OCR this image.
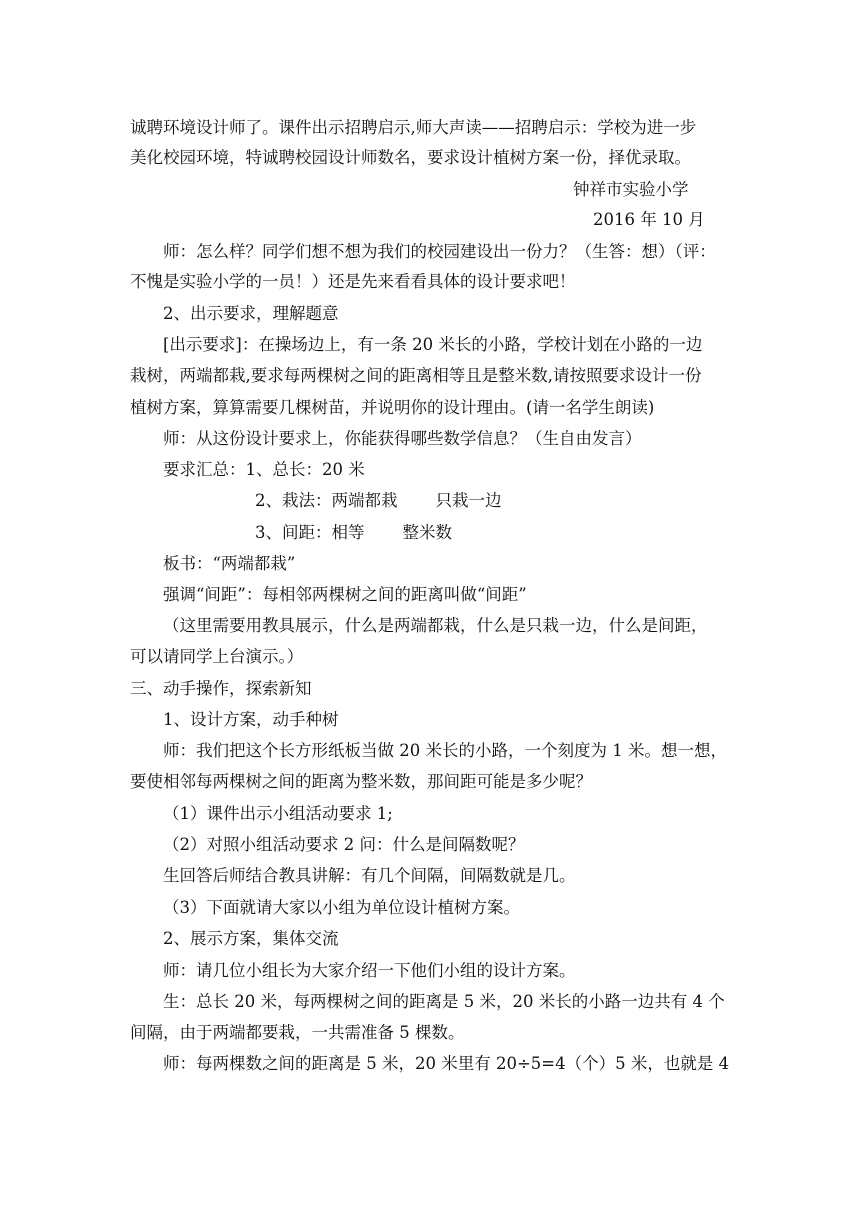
诚聘环境设计师了。课件出示招聘启示,师大声读——招聘启示：学校为进一步
美化校园环境，特诚聘校园设计师数名，要求设计植树方案一份，择优录取。
钟祥市实验小学
2016 年 10 月
师：怎么样？同学们想不想为我们的校园建设出一份力？（生答：想）（评：
不愧是实验小学的一员！）还是先来看看具体的设计要求吧！
2、出示要求，理解题意
[出示要求]：在操场边上，有一条 20 米长的小路，学校计划在小路的一边
栽树，两端都栽,要求每两棵树之间的距离相等且是整米数,请按照要求设计一份
植树方案，算算需要几棵树苗，并说明你的设计理由。(请一名学生朗读)
师：从这份设计要求上，你能获得哪些数学信息？（生自由发言）
要求汇总：1、总长：20 米
2、栽法：两端都栽 只栽一边
3、间距：相等 整米数
板书：“两端都栽”
强调“间距”：每相邻两棵树之间的距离叫做“间距”
（这里需要用教具展示，什么是两端都栽，什么是只栽一边，什么是间距，
可以请同学上台演示。）
三、动手操作，探索新知
1、设计方案，动手种树
师：我们把这个长方形纸板当做 20 米长的小路，一个刻度为 1 米。想一想，
要使相邻每两棵树之间的距离为整米数，那间距可能是多少呢？
（1）课件出示小组活动要求 1;
（2）对照小组活动要求 2 问：什么是间隔数呢？
生回答后师结合教具讲解：有几个间隔，间隔数就是几。
（3）下面就请大家以小组为单位设计植树方案。
2、展示方案，集体交流
师：请几位小组长为大家介绍一下他们小组的设计方案。
生：总长 20 米，每两棵树之间的距离是 5 米，20 米长的小路一边共有 4 个
间隔，由于两端都要栽，一共需准备 5 棵数。
师：每两棵数之间的距离是 5 米，20 米里有 20÷5=4（个）5 米，也就是 4
